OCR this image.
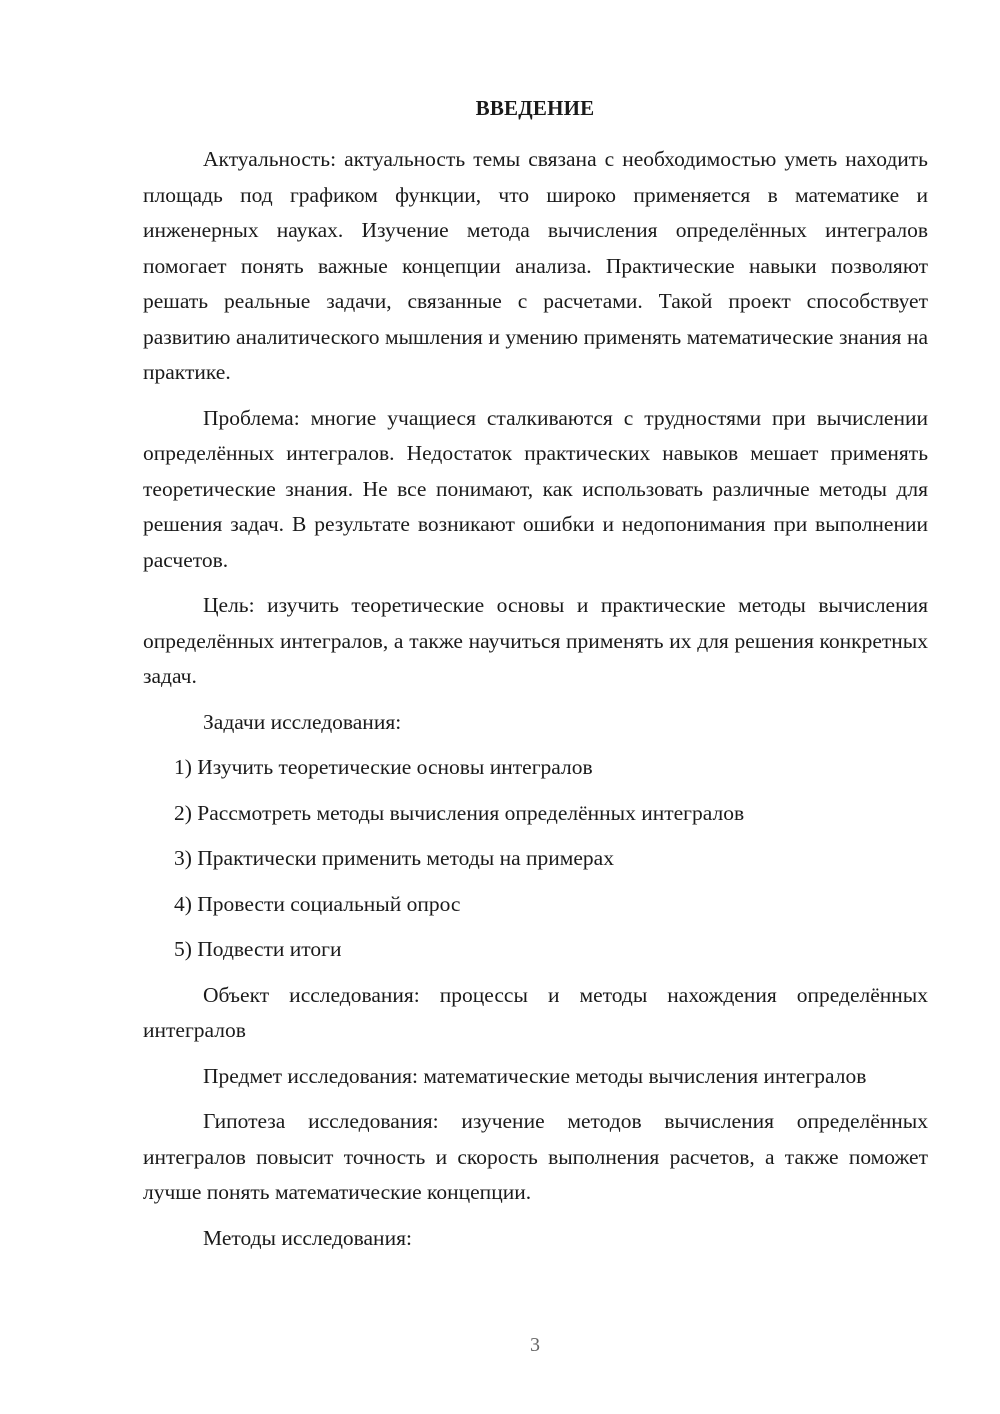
ВВЕДЕНИЕ

Актуальность: актуальность темы связана с необходимостью уметь находить площадь под графиком функции, что широко применяется в математике и инженерных науках. Изучение метода вычисления определённых интегралов помогает понять важные концепции анализа. Практические навыки позволяют решать реальные задачи, связанные с расчетами. Такой проект способствует развитию аналитического мышления и умению применять математические знания на практике.

Проблема: многие учащиеся сталкиваются с трудностями при вычислении определённых интегралов. Недостаток практических навыков мешает применять теоретические знания. Не все понимают, как использовать различные методы для решения задач. В результате возникают ошибки и недопонимания при выполнении расчетов.

Цель: изучить теоретические основы и практические методы вычисления определённых интегралов, а также научиться применять их для решения конкретных задач.

Задачи исследования:

1) Изучить теоретические основы интегралов

2) Рассмотреть методы вычисления определённых интегралов

3) Практически применить методы на примерах

4) Провести социальный опрос

5) Подвести итоги

Объект исследования: процессы и методы нахождения определённых интегралов

Предмет исследования: математические методы вычисления интегралов

Гипотеза исследования: изучение методов вычисления определённых интегралов повысит точность и скорость выполнения расчетов, а также поможет лучше понять математические концепции.

Методы исследования:

3
